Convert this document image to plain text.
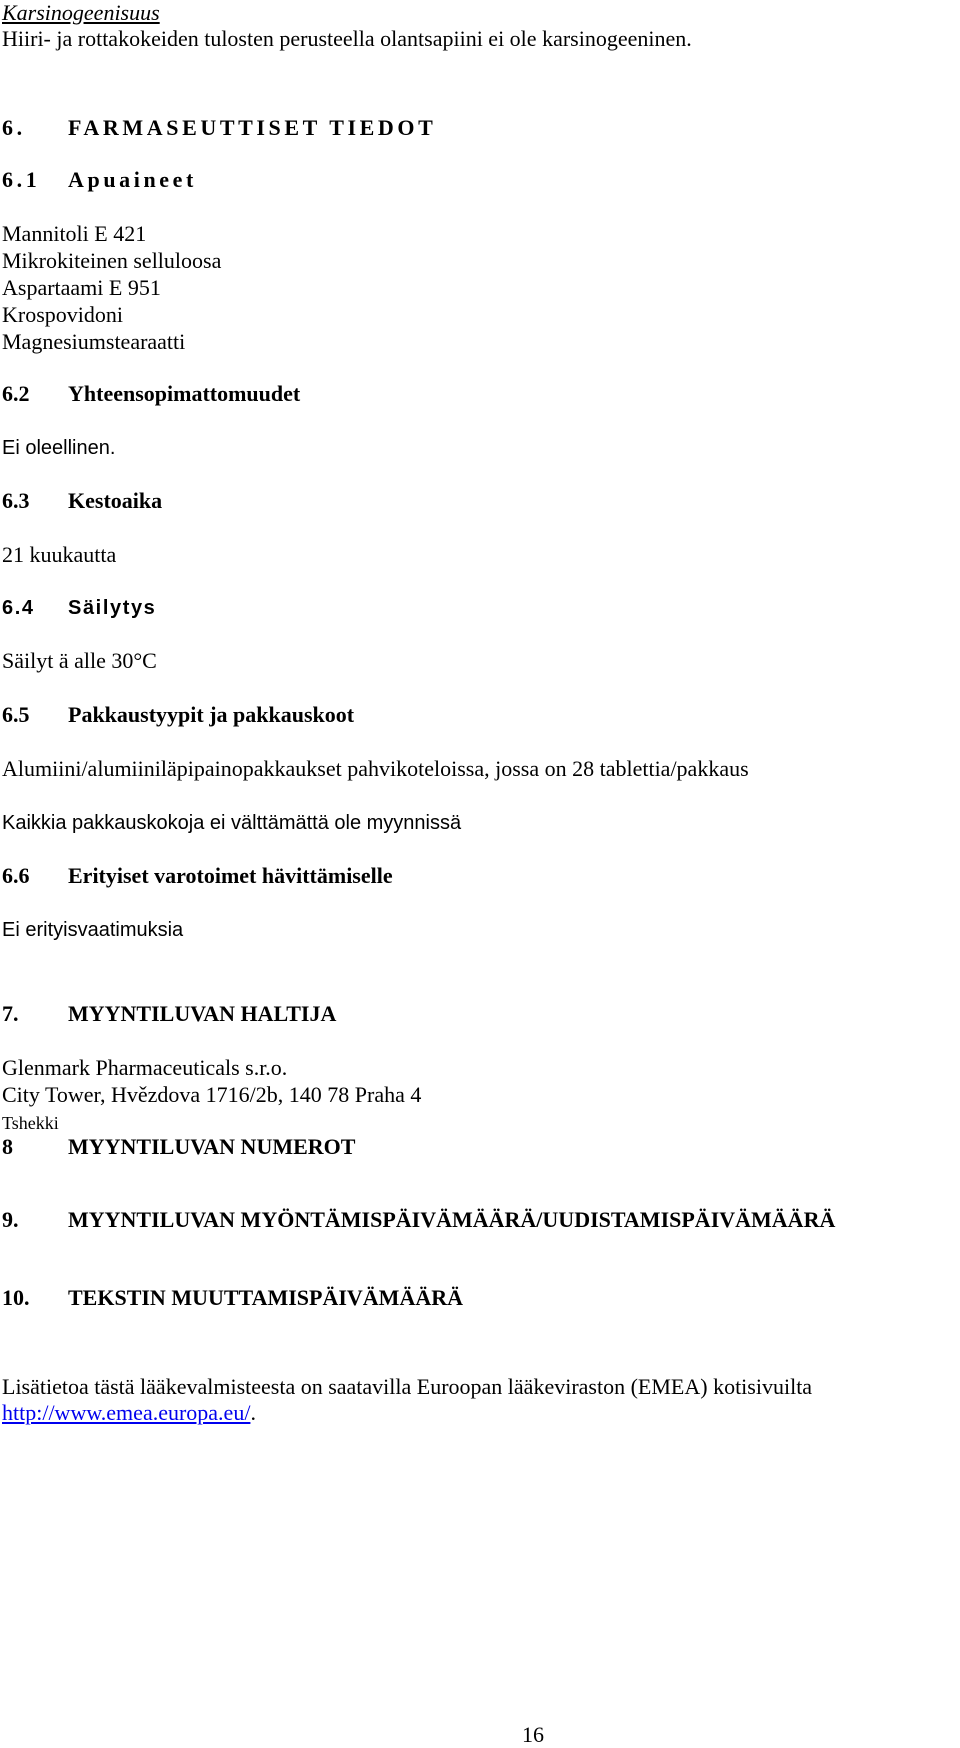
Karsinogeenisuus

Hiiri- ja rottakokeiden tulosten perusteella olantsapiini ei ole karsinogeeninen.

6. FARMASEUTTISET TIEDOT

6.1 Apuaineet

Mannitoli E 421

Mikrokiteinen selluloosa

Aspartaami E 951

Krospovidoni

Magnesiumstearaatti

6.2 Yhteensopimattomuudet

Ei oleellinen.

6.3 Kestoaika

21 kuukautta

6.4 Säilytys

Säilyt ä alle 30°C

6.5 Pakkaustyypit ja pakkauskoot

Alumiini/alumiiniläpipainopakkaukset pahvikoteloissa, jossa on 28 tablettia/pakkaus

Kaikkia pakkauskokoja ei välttämättä ole myynnissä

6.6 Erityiset varotoimet hävittämiselle

Ei erityisvaatimuksia

7. MYYNTILUVAN HALTIJA

Glenmark Pharmaceuticals s.r.o.

City Tower, Hvězdova 1716/2b, 140 78 Praha 4

Tshekki

8	MYYNTILUVAN NUMEROT

9. MYYNTILUVAN MYÖNTÄMISPÄIVÄMÄÄRÄ/UUDISTAMISPÄIVÄMÄÄRÄ

10. TEKSTIN MUUTTAMISPÄIVÄMÄÄRÄ

Lisätietoa tästä lääkevalmisteesta on saatavilla Euroopan lääkeviraston (EMEA) kotisivuilta

http://www.emea.europa.eu/.

16
